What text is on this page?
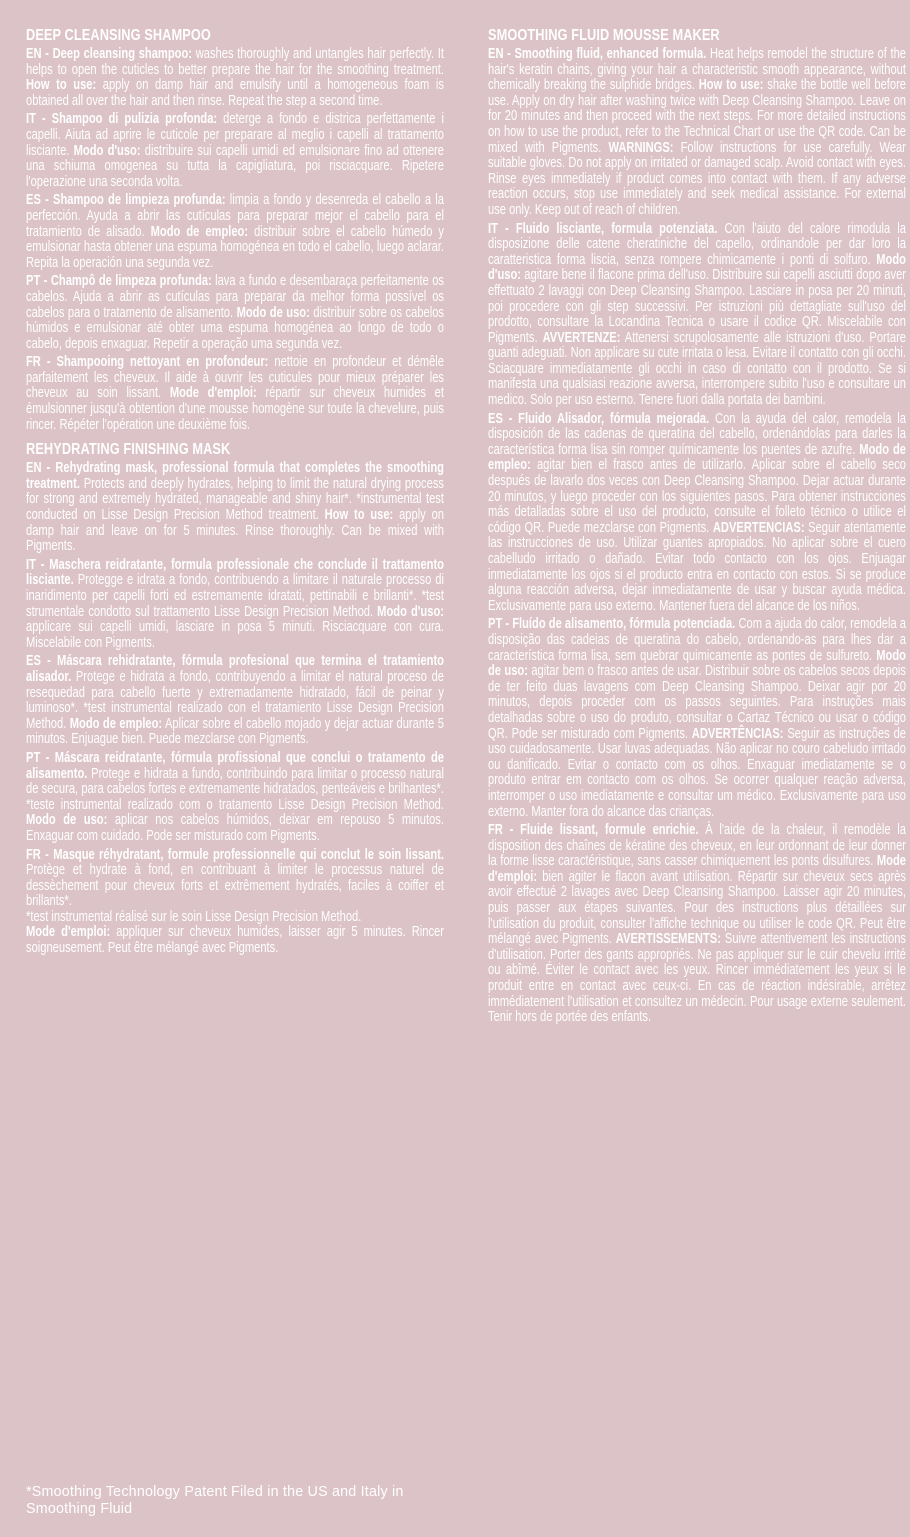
DEEP CLEANSING SHAMPOO

EN - Deep cleansing shampoo: washes thoroughly and untangles hair perfectly. It helps to open the cuticles to better prepare the hair for the smoothing treatment. How to use: apply on damp hair and emulsify until a homogeneous foam is obtained all over the hair and then rinse. Repeat the step a second time.

IT - Shampoo di pulizia profonda: deterge a fondo e districa perfettamente i capelli. Aiuta ad aprire le cuticole per preparare al meglio i capelli al trattamento lisciante. Modo d'uso: distribuire sui capelli umidi ed emulsionare fino ad ottenere una schiuma omogenea su tutta la capigliatura, poi risciacquare. Ripetere l'operazione una seconda volta.

ES - Shampoo de limpieza profunda: limpia a fondo y desenreda el cabello a la perfección. Ayuda a abrir las cutículas para preparar mejor el cabello para el tratamiento de alisado. Modo de empleo: distribuir sobre el cabello húmedo y emulsionar hasta obtener una espuma homogénea en todo el cabello, luego aclarar. Repita la operación una segunda vez.

PT - Champô de limpeza profunda: lava a fundo e desembaraça perfeitamente os cabelos. Ajuda a abrir as cutículas para preparar da melhor forma possível os cabelos para o tratamento de alisamento. Modo de uso: distribuir sobre os cabelos húmidos e emulsionar até obter uma espuma homogénea ao longo de todo o cabelo, depois enxaguar. Repetir a operação uma segunda vez.

FR - Shampooing nettoyant en profondeur: nettoie en profondeur et démêle parfaitement les cheveux. Il aide à ouvrir les cuticules pour mieux préparer les cheveux au soin lissant. Mode d'emploi: répartir sur cheveux humides et émulsionner jusqu'à obtention d'une mousse homogène sur toute la chevelure, puis rincer. Répéter l'opération une deuxième fois.

REHYDRATING FINISHING MASK

EN - Rehydrating mask, professional formula that completes the smoothing treatment. Protects and deeply hydrates, helping to limit the natural drying process for strong and extremely hydrated, manageable and shiny hair*. *instrumental test conducted on Lisse Design Precision Method treatment. How to use: apply on damp hair and leave on for 5 minutes. Rinse thoroughly. Can be mixed with Pigments.

IT - Maschera reidratante, formula professionale che conclude il trattamento lisciante. Protegge e idrata a fondo, contribuendo a limitare il naturale processo di inaridimento per capelli forti ed estremamente idratati, pettinabili e brillanti*. *test strumentale condotto sul trattamento Lisse Design Precision Method. Modo d'uso: applicare sui capelli umidi, lasciare in posa 5 minuti. Risciacquare con cura. Miscelabile con Pigments.

ES - Máscara rehidratante, fórmula profesional que termina el tratamiento alisador. Protege e hidrata a fondo, contribuyendo a limitar el natural proceso de resequedad para cabello fuerte y extremadamente hidratado, fácil de peinar y luminoso*. *test instrumental realizado con el tratamiento Lisse Design Precision Method. Modo de empleo: Aplicar sobre el cabello mojado y dejar actuar durante 5 minutos. Enjuague bien. Puede mezclarse con Pigments.

PT - Máscara reidratante, fórmula profissional que conclui o tratamento de alisamento. Protege e hidrata a fundo, contribuindo para limitar o processo natural de secura, para cabelos fortes e extremamente hidratados, penteáveis e brilhantes*. *teste instrumental realizado com o tratamento Lisse Design Precision Method. Modo de uso: aplicar nos cabelos húmidos, deixar em repouso 5 minutos. Enxaguar com cuidado. Pode ser misturado com Pigments.

FR - Masque réhydratant, formule professionnelle qui conclut le soin lissant. Protège et hydrate à fond, en contribuant à limiter le processus naturel de dessèchement pour cheveux forts et extrêmement hydratés, faciles à coiffer et brillants*.
*test instrumental réalisé sur le soin Lisse Design Precision Method.
Mode d'emploi: appliquer sur cheveux humides, laisser agir 5 minutes. Rincer soigneusement. Peut être mélangé avec Pigments.

*Smoothing Technology Patent Filed in the US and Italy in Smoothing Fluid
SMOOTHING FLUID MOUSSE MAKER

EN - Smoothing fluid, enhanced formula. Heat helps remodel the structure of the hair's keratin chains, giving your hair a characteristic smooth appearance, without chemically breaking the sulphide bridges. How to use: shake the bottle well before use. Apply on dry hair after washing twice with Deep Cleansing Shampoo. Leave on for 20 minutes and then proceed with the next steps. For more detailed instructions on how to use the product, refer to the Technical Chart or use the QR code. Can be mixed with Pigments. WARNINGS: Follow instructions for use carefully. Wear suitable gloves. Do not apply on irritated or damaged scalp. Avoid contact with eyes. Rinse eyes immediately if product comes into contact with them. If any adverse reaction occurs, stop use immediately and seek medical assistance. For external use only. Keep out of reach of children.

IT - Fluido lisciante, formula potenziata. Con l'aiuto del calore rimodula la disposizione delle catene cheratiniche del capello, ordinandole per dar loro la caratteristica forma liscia, senza rompere chimicamente i ponti di solfuro. Modo d'uso: agitare bene il flacone prima dell'uso. Distribuire sui capelli asciutti dopo aver effettuato 2 lavaggi con Deep Cleansing Shampoo. Lasciare in posa per 20 minuti, poi procedere con gli step successivi. Per istruzioni più dettagliate sull'uso del prodotto, consultare la Locandina Tecnica o usare il codice QR. Miscelabile con Pigments. AVVERTENZE: Attenersi scrupolosamente alle istruzioni d'uso. Portare guanti adeguati. Non applicare su cute irritata o lesa. Evitare il contatto con gli occhi. Sciacquare immediatamente gli occhi in caso di contatto con il prodotto. Se si manifesta una qualsiasi reazione avversa, interrompere subito l'uso e consultare un medico. Solo per uso esterno. Tenere fuori dalla portata dei bambini.

ES - Fluido Alisador, fórmula mejorada. Con la ayuda del calor, remodela la disposición de las cadenas de queratina del cabello, ordenándolas para darles la característica forma lisa sin romper químicamente los puentes de azufre. Modo de empleo: agitar bien el frasco antes de utilizarlo. Aplicar sobre el cabello seco después de lavarlo dos veces con Deep Cleansing Shampoo. Dejar actuar durante 20 minutos, y luego proceder con los siguientes pasos. Para obtener instrucciones más detalladas sobre el uso del producto, consulte el folleto técnico o utilice el código QR. Puede mezclarse con Pigments. ADVERTENCIAS: Seguir atentamente las instrucciones de uso. Utilizar guantes apropiados. No aplicar sobre el cuero cabelludo irritado o dañado. Evitar todo contacto con los ojos. Enjuagar inmediatamente los ojos si el producto entra en contacto con estos. Si se produce alguna reacción adversa, dejar inmediatamente de usar y buscar ayuda médica. Exclusivamente para uso externo. Mantener fuera del alcance de los niños.

PT - Fluído de alisamento, fórmula potenciada. Com a ajuda do calor, remodela a disposição das cadeias de queratina do cabelo, ordenando-as para lhes dar a característica forma lisa, sem quebrar quimicamente as pontes de sulfureto. Modo de uso: agitar bem o frasco antes de usar. Distribuir sobre os cabelos secos depois de ter feito duas lavagens com Deep Cleansing Shampoo. Deixar agir por 20 minutos, depois proceder com os passos seguintes. Para instruções mais detalhadas sobre o uso do produto, consultar o Cartaz Técnico ou usar o código QR. Pode ser misturado com Pigments. ADVERTÊNCIAS: Seguir as instruções de uso cuidadosamente. Usar luvas adequadas. Não aplicar no couro cabeludo irritado ou danificado. Evitar o contacto com os olhos. Enxaguar imediatamente se o produto entrar em contacto com os olhos. Se ocorrer qualquer reação adversa, interromper o uso imediatamente e consultar um médico. Exclusivamente para uso externo. Manter fora do alcance das crianças.

FR - Fluide lissant, formule enrichie. À l'aide de la chaleur, il remodèle la disposition des chaînes de kératine des cheveux, en leur ordonnant de leur donner la forme lisse caractéristique, sans casser chimiquement les ponts disulfures. Mode d'emploi: bien agiter le flacon avant utilisation. Répartir sur cheveux secs après avoir effectué 2 lavages avec Deep Cleansing Shampoo. Laisser agir 20 minutes, puis passer aux étapes suivantes. Pour des instructions plus détaillées sur l'utilisation du produit, consulter l'affiche technique ou utiliser le code QR. Peut être mélangé avec Pigments. AVERTISSEMENTS: Suivre attentivement les instructions d'utilisation. Porter des gants appropriés. Ne pas appliquer sur le cuir chevelu irrité ou abîmé. Éviter le contact avec les yeux. Rincer immédiatement les yeux si le produit entre en contact avec ceux-ci. En cas de réaction indésirable, arrêtez immédiatement l'utilisation et consultez un médecin. Pour usage externe seulement. Tenir hors de portée des enfants.
